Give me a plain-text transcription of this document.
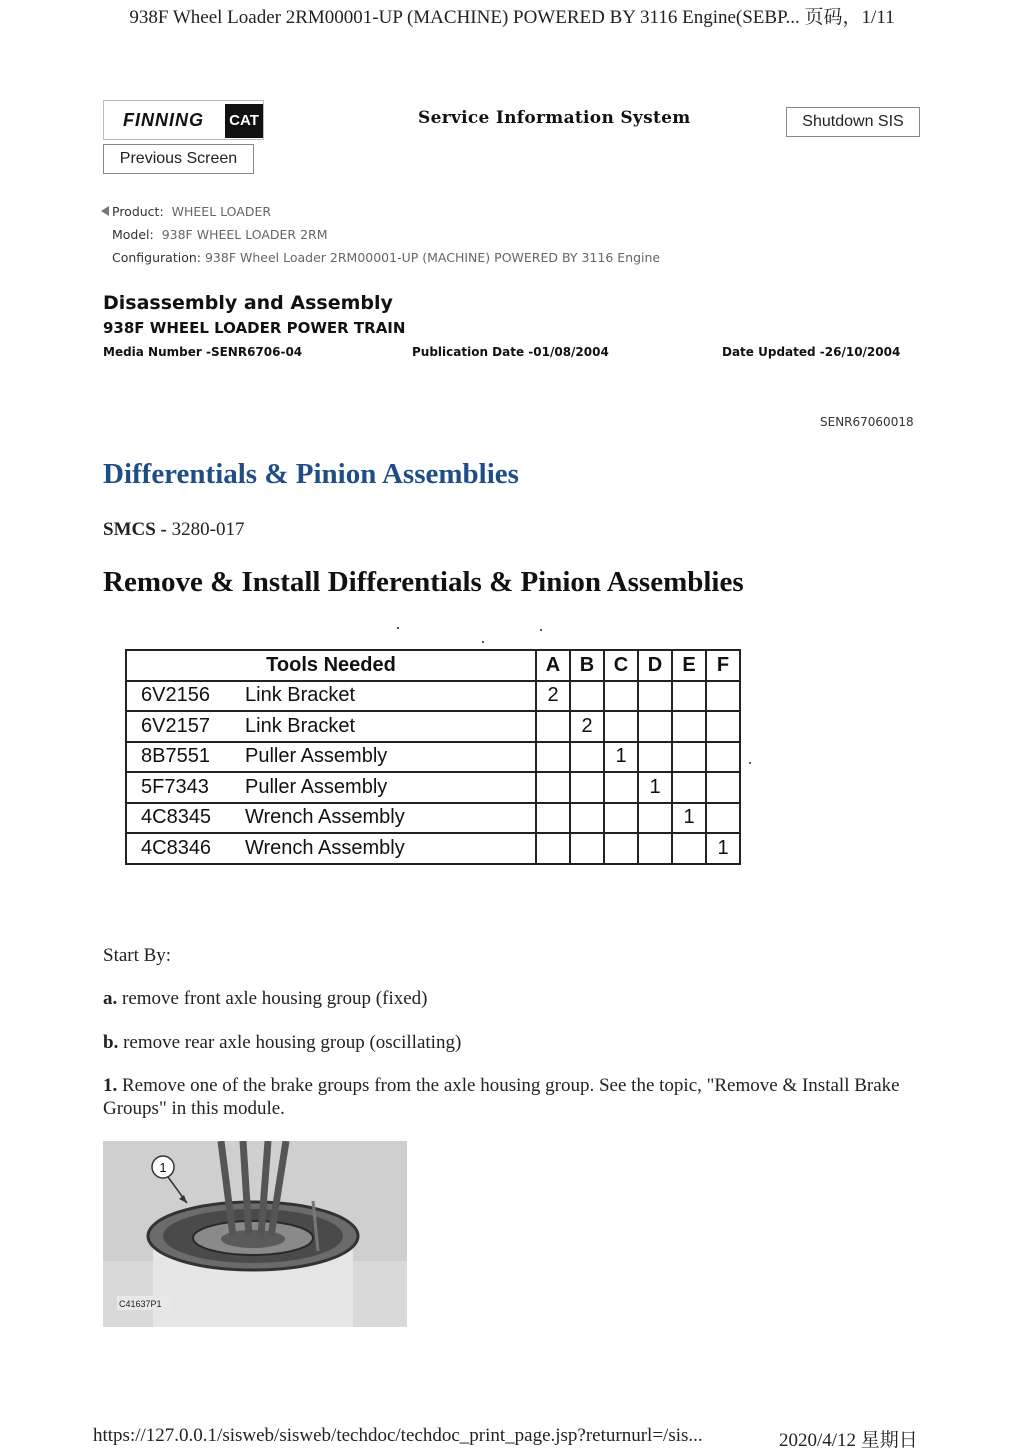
938F Wheel Loader 2RM00001-UP (MACHINE) POWERED BY 3116 Engine(SEBP... 页码，1/11
FINNING CAT	Service Information System	Shutdown SIS
Previous Screen
Product: WHEEL LOADER
Model: 938F WHEEL LOADER 2RM
Configuration: 938F Wheel Loader 2RM00001-UP (MACHINE) POWERED BY 3116 Engine
Disassembly and Assembly
938F WHEEL LOADER POWER TRAIN
Media Number -SENR6706-04	Publication Date -01/08/2004	Date Updated -26/10/2004
SENR67060018
Differentials & Pinion Assemblies
SMCS - 3280-017
Remove & Install Differentials & Pinion Assemblies
Tools Needed	A	B	C	D	E	F
6V2156 Link Bracket	2					
6V2157 Link Bracket		2				
8B7551 Puller Assembly			1			
5F7343 Puller Assembly				1		
4C8345 Wrench Assembly					1	
4C8346 Wrench Assembly						1
Start By:
a. remove front axle housing group (fixed)
b. remove rear axle housing group (oscillating)
1. Remove one of the brake groups from the axle housing group. See the topic, "Remove & Install Brake Groups" in this module.
1
C41637P1
https://127.0.0.1/sisweb/sisweb/techdoc/techdoc_print_page.jsp?returnurl=/sis...	2020/4/12 星期日
